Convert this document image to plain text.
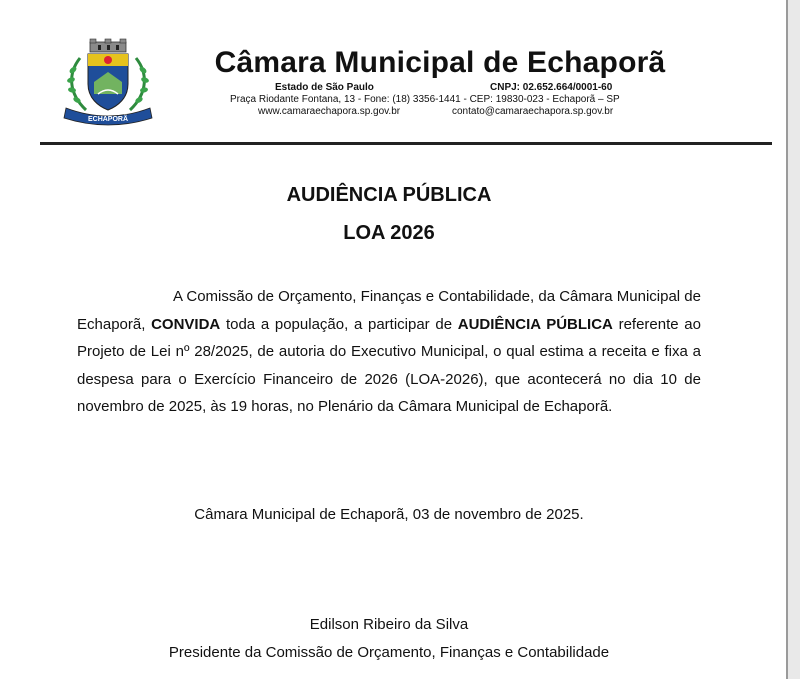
ECHAPORÃ
Câmara Municipal de Echaporã
Estado de São Paulo	CNPJ: 02.652.664/0001-60
Praça Riodante Fontana, 13 - Fone: (18) 3356-1441 - CEP: 19830-023 - Echaporã – SP
www.camaraechapora.sp.gov.br	contato@camaraechapora.sp.gov.br
AUDIÊNCIA PÚBLICA
LOA 2026
A Comissão de Orçamento, Finanças e Contabilidade, da Câmara Municipal de Echaporã, CONVIDA toda a população, a participar de AUDIÊNCIA PÚBLICA referente ao Projeto de Lei nº 28/2025, de autoria do Executivo Municipal, o qual estima a receita e fixa a despesa para o Exercício Financeiro de 2026 (LOA-2026), que acontecerá no dia 10 de novembro de 2025, às 19 horas, no Plenário da Câmara Municipal de Echaporã.
Câmara Municipal de Echaporã, 03 de novembro de 2025.
Edilson Ribeiro da Silva
Presidente da Comissão de Orçamento, Finanças e Contabilidade
